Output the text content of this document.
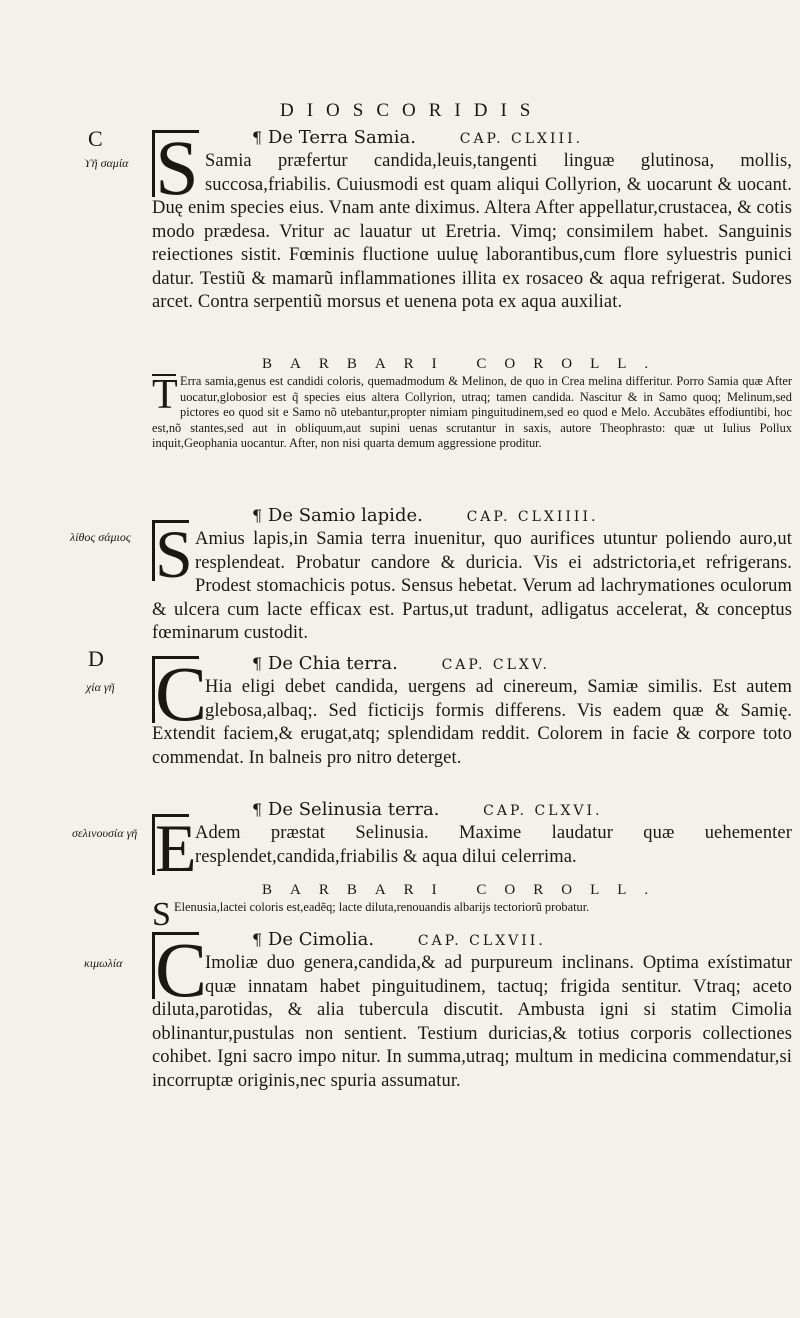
DIOSCORIDIS
C
ϒῆ σαμία
λίθος σάμιος
D
χία γῆ
σελινουσία γῆ
κιμωλία
¶ De Terra Samia.	CAP. CLXIII.
S Samia præfertur candida,leuis,tangenti linguæ glutinosa, mollis, succosa,friabilis. Cuiusmodi est quam aliqui Collyrion, & uocarunt & uocant. Duę enim species eius. Vnam ante diximus. Altera After appellatur,crustacea, & cotis modo prædesa. Vritur ac lauatur ut Eretria. Vimq; consimilem habet. Sanguinis reiectiones sistit. Fœminis fluctione uuluę laborantibus,cum flore syluestris punici datur. Testiũ & mamarũ inflammationes illita ex rosaceo & aqua refrigerat. Sudores arcet. Contra serpentiũ morsus et uenena pota ex aqua auxiliat.
BARBARI COROLL.
T Erra samia,genus est candidi coloris, quemadmodum & Melinon, de quo in Crea melina differitur. Porro Samia quæ After uocatur,globosior est q̃ species eius altera Collyrion, utraq; tamen candida. Nascitur & in Samo quoq; Melinum,sed pictores eo quod sit e Samo nõ utebantur,propter nimiam pinguitudinem,sed eo quod e Melo. Accubãtes effodiuntibi, hoc est,nõ stantes,sed aut in obliquum,aut supini uenas scrutantur in saxis, autore Theophrasto: quæ ut Iulius Pollux inquit,Geophania uocantur. After, non nisi quarta demum aggressione proditur.
¶ De Samio lapide.	CAP. CLXIIII.
S Amius lapis,in Samia terra inuenitur, quo aurifices utuntur poliendo auro,ut resplendeat. Probatur candore & duricia. Vis ei adstrictoria,et refrigerans. Prodest stomachicis potus. Sensus hebetat. Verum ad lachrymationes oculorum & ulcera cum lacte efficax est. Partus,ut tradunt, adligatus accelerat, & conceptus fœminarum custodit.
¶ De Chia terra.	CAP. CLXV.
C
Hia eligi debet candida, uergens ad cinereum, Samiæ similis. Est autem glebosa,albaq;. Sed ficticijs formis differens. Vis eadem quæ & Samię. Extendit faciem,& erugat,atq; splendidam reddit. Colorem in facie & corpore toto commendat. In balneis pro nitro deterget.
¶ De Selinusia terra.	CAP. CLXVI.
E
Adem præstat Selinusia. Maxime laudatur quæ uehementer resplendet,candida,friabilis & aqua dilui celerrima.
BARBARI COROLL.
S Elenusia,lactei coloris est,eadẽq; lacte diluta,renouandis albarijs tectoriorũ probatur.
¶ De Cimolia.	CAP. CLXVII.
C
Imoliæ duo genera,candida,& ad purpureum inclinans. Optima exístimatur quæ innatam habet pinguitudinem, tactuq; frigida sentitur. Vtraq; aceto diluta,parotidas, & alia tubercula discutit. Ambusta igni si statim Cimolia oblinantur,pustulas non sentient. Testium duricias,& totius corporis collectiones cohibet. Igni sacro impo nitur. In summa,utraq; multum in medicina commendatur,si incorruptæ originis,nec spuria assumatur.
